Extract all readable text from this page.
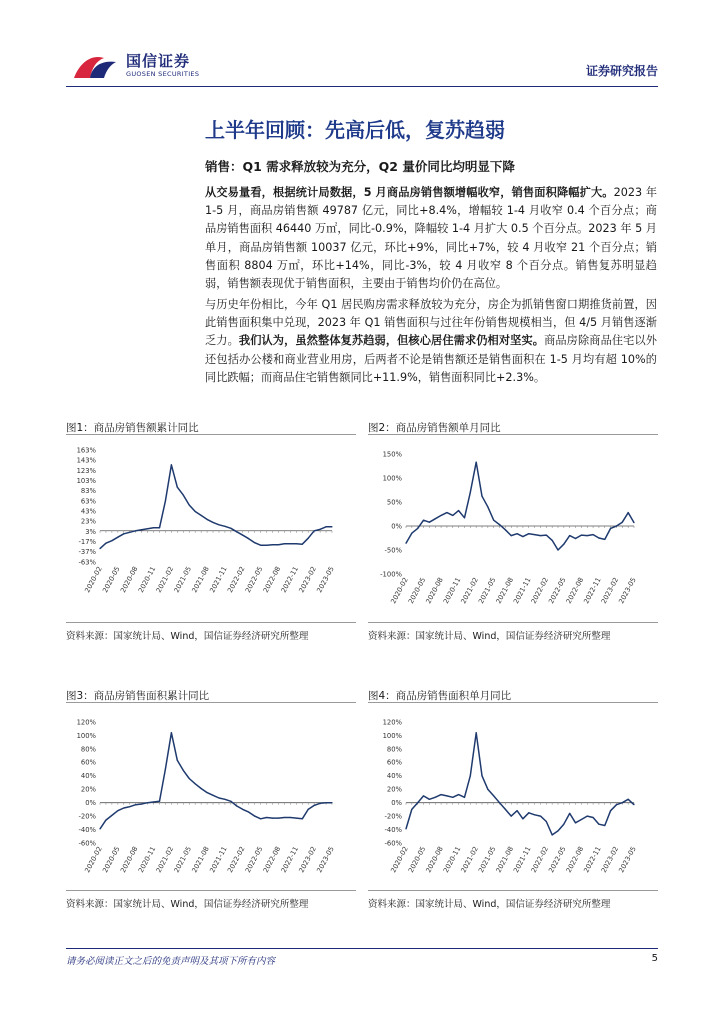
国信证券
GUOSEN SECURITIES	证券研究报告
上半年回顾：先高后低，复苏趋弱
销售：Q1 需求释放较为充分，Q2 量价同比均明显下降

从交易量看，根据统计局数据，5 月商品房销售额增幅收窄，销售面积降幅扩大。2023 年 1-5 月，商品房销售额 49787 亿元，同比+8.4%，增幅较 1-4 月收窄 0.4 个百分点；商品房销售面积 46440 万㎡，同比-0.9%，降幅较 1-4 月扩大 0.5 个百分点。2023 年 5 月单月，商品房销售额 10037 亿元，环比+9%，同比+7%，较 4 月收窄 21 个百分点；销售面积 8804 万㎡，环比+14%，同比-3%，较 4 月收窄 8 个百分点。销售复苏明显趋弱，销售额表现优于销售面积，主要由于销售均价仍在高位。

与历史年份相比，今年 Q1 居民购房需求释放较为充分，房企为抓销售窗口期推货前置，因此销售面积集中兑现，2023 年 Q1 销售面积与过往年份销售规模相当，但 4/5 月销售逐渐乏力。我们认为，虽然整体复苏趋弱，但核心居住需求仍相对坚实。商品房除商品住宅以外还包括办公楼和商业营业用房，后两者不论是销售额还是销售面积在 1-5 月均有超 10%的同比跌幅；而商品住宅销售额同比+11.9%，销售面积同比+2.3%。

图1：商品房销售额累计同比
163%
143%
123%
103%
83%
63%
43%
23%
3%
-17%
-37%
-63%
2020-02
2020-05
2020-08
2020-11
2021-02
2021-05
2021-08
2021-11
2022-02
2022-05
2022-08
2022-11
2023-02
2023-05
资料来源：国家统计局、Wind，国信证券经济研究所整理
图2：商品房销售额单月同比
150%
100%
50%
0%
-50%
-100%
2020-02
2020-05
2020-08
2020-11
2021-02
2021-05
2021-08
2021-11
2022-02
2022-05
2022-08
2022-11
2023-02
2023-05
资料来源：国家统计局、Wind，国信证券经济研究所整理
图3：商品房销售面积累计同比
120%
100%
80%
60%
40%
20%
0%
-20%
-40%
-60%
2020-02
2020-05
2020-08
2020-11
2021-02
2021-05
2021-08
2021-11
2022-02
2022-05
2022-08
2022-11
2023-02
2023-05
资料来源：国家统计局、Wind，国信证券经济研究所整理
图4：商品房销售面积单月同比
120%
100%
80%
60%
40%
20%
0%
-20%
-40%
-60%
2020-02
2020-05
2020-08
2020-11
2021-02
2021-05
2021-08
2021-11
2022-02
2022-05
2022-08
2022-11
2023-02
2023-05
资料来源：国家统计局、Wind，国信证券经济研究所整理
请务必阅读正文之后的免责声明及其项下所有内容	5
